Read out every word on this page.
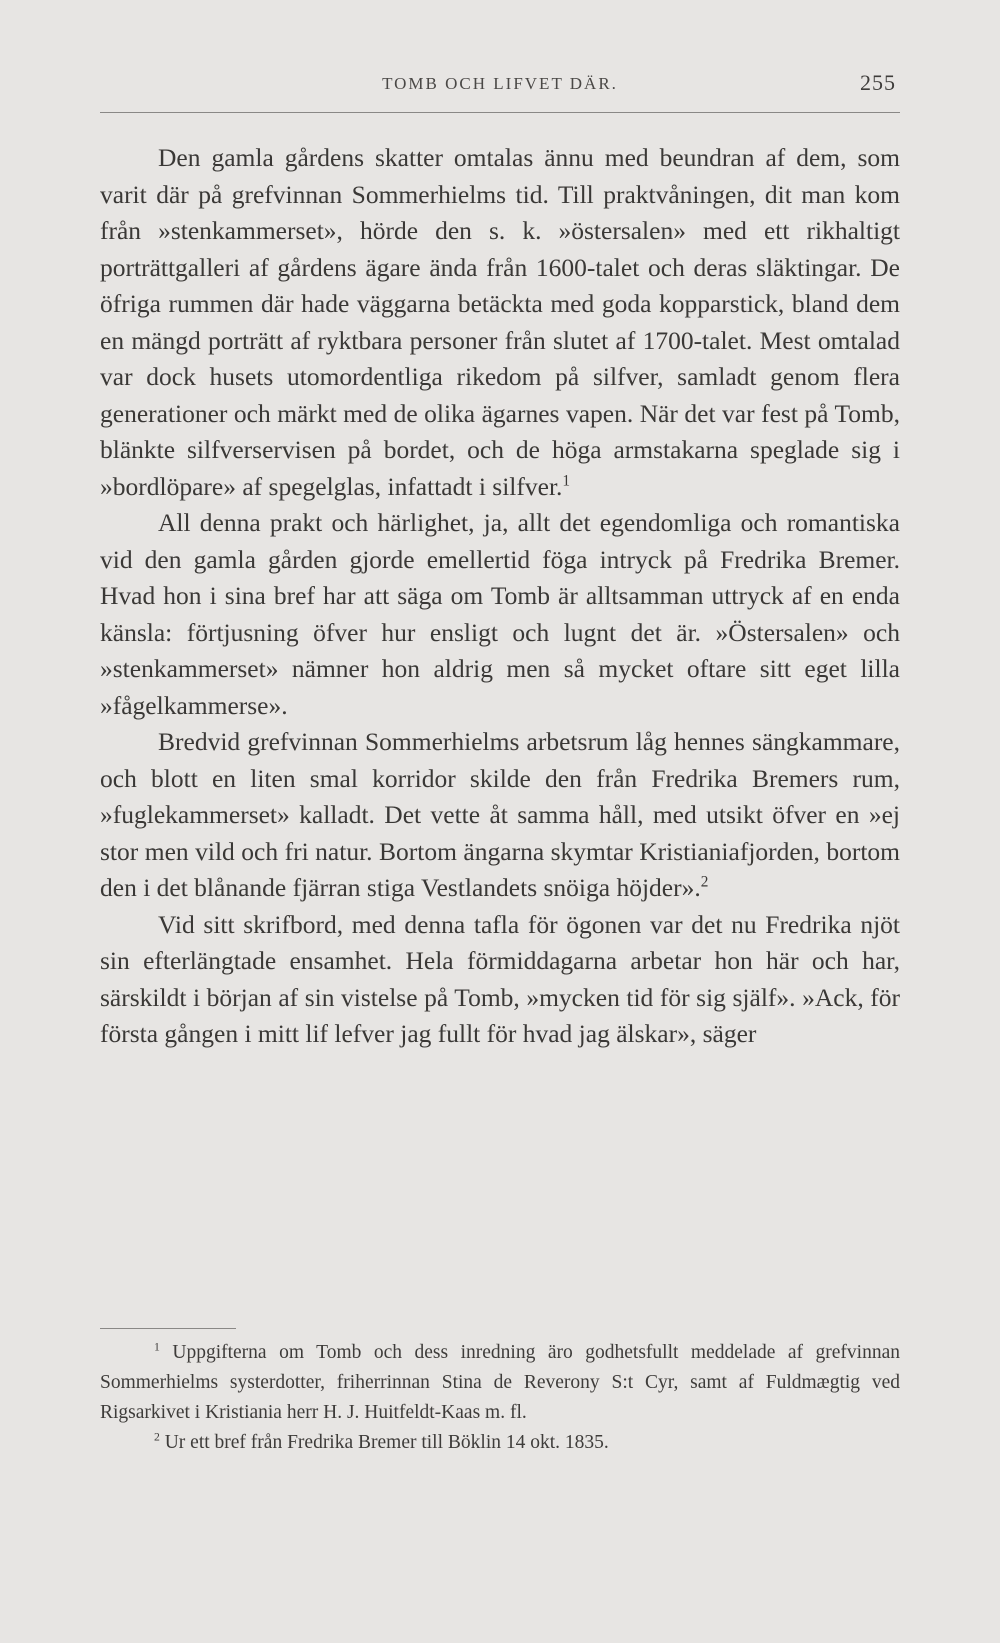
TOMB OCH LIFVET DÄR.	255

Den gamla gårdens skatter omtalas ännu med beundran af dem, som varit där på grefvinnan Sommerhielms tid. Till praktvåningen, dit man kom från »stenkammerset», hörde den s. k. »östersalen» med ett rikhaltigt porträttgalleri af gårdens ägare ända från 1600-talet och deras släktingar. De öfriga rummen där hade väggarna betäckta med goda kopparstick, bland dem en mängd porträtt af ryktbara personer från slutet af 1700-talet. Mest omtalad var dock husets utomordentliga rikedom på silfver, samladt genom flera generationer och märkt med de olika ägarnes vapen. När det var fest på Tomb, blänkte silfverservisen på bordet, och de höga armstakarna speglade sig i »bordlöpare» af spegelglas, infattadt i silfver.$^1$

All denna prakt och härlighet, ja, allt det egendomliga och romantiska vid den gamla gården gjorde emellertid föga intryck på Fredrika Bremer. Hvad hon i sina bref har att säga om Tomb är alltsamman uttryck af en enda känsla: förtjusning öfver hur ensligt och lugnt det är. »Östersalen» och »stenkammerset» nämner hon aldrig men så mycket oftare sitt eget lilla »fågelkammerse».

Bredvid grefvinnan Sommerhielms arbetsrum låg hennes sängkammare, och blott en liten smal korridor skilde den från Fredrika Bremers rum, »fuglekammerset» kalladt. Det vette åt samma håll, med utsikt öfver en »ej stor men vild och fri natur. Bortom ängarna skymtar Kristianiafjorden, bortom den i det blånande fjärran stiga Vestlandets snöiga höjder».$^2$

Vid sitt skrifbord, med denna tafla för ögonen var det nu Fredrika njöt sin efterlängtade ensamhet. Hela förmiddagarna arbetar hon här och har, särskildt i början af sin vistelse på Tomb, »mycken tid för sig själf». »Ack, för första gången i mitt lif lefver jag fullt för hvad jag älskar», säger

$^1$ Uppgifterna om Tomb och dess inredning äro godhetsfullt meddelade af grefvinnan Sommerhielms systerdotter, friherrinnan Stina de Reverony S:t Cyr, samt af Fuldmægtig ved Rigsarkivet i Kristiania herr H. J. Huitfeldt-Kaas m. fl.

$^2$ Ur ett bref från Fredrika Bremer till Böklin 14 okt. 1835.
